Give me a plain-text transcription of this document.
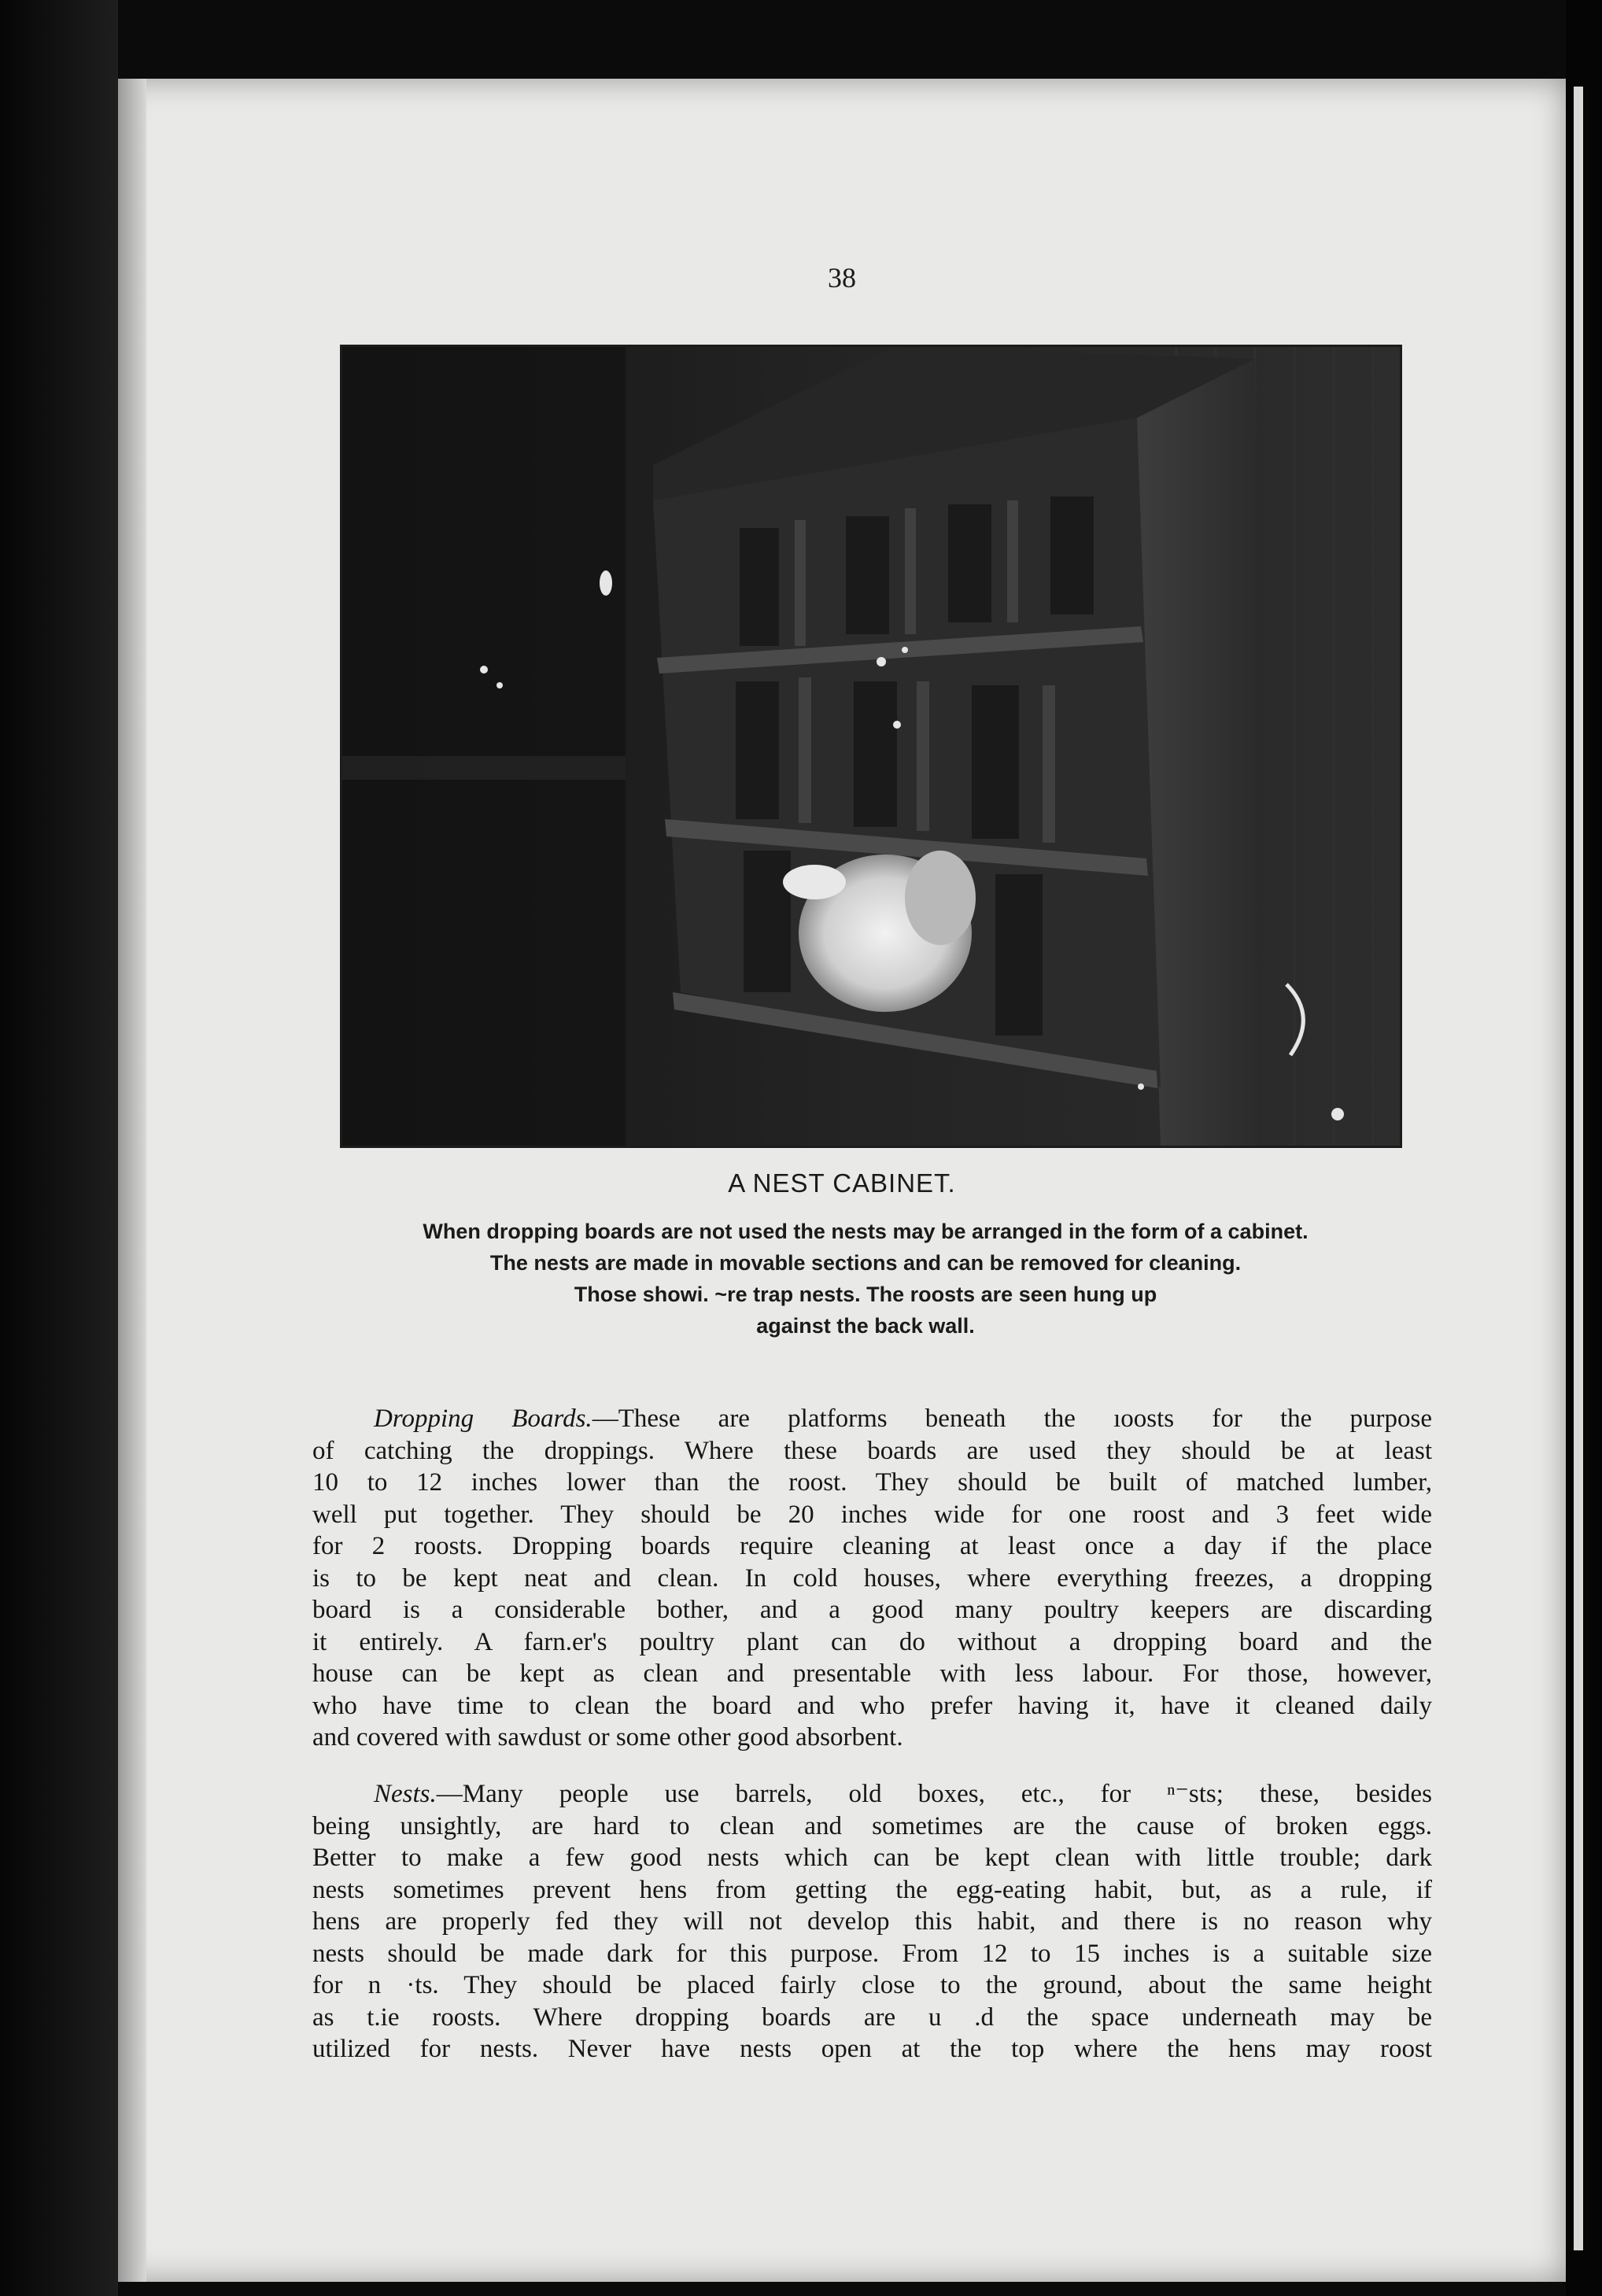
38
A NEST CABINET.
When dropping boards are not used the nests may be arranged in the form of a cabinet.
The nests are made in movable sections and can be removed for cleaning.
Those showi. ~re trap nests. The roosts are seen hung up
against the back wall.
Dropping Boards.—These are platforms beneath the ıoosts for the purpose
of catching the droppings. Where these boards are used they should be at least
10 to 12 inches lower than the roost. They should be built of matched lumber,
well put together. They should be 20 inches wide for one roost and 3 feet wide
for 2 roosts. Dropping boards require cleaning at least once a day if the place
is to be kept neat and clean. In cold houses, where everything freezes, a dropping
board is a considerable bother, and a good many poultry keepers are discarding
it entirely. A farn.er's poultry plant can do without a dropping board and the
house can be kept as clean and presentable with less labour. For those, however,
who have time to clean the board and who prefer having it, have it cleaned daily
and covered with sawdust or some other good absorbent.
Nests.—Many people use barrels, old boxes, etc., for ⁿ⁻sts; these, besides
being unsightly, are hard to clean and sometimes are the cause of broken eggs.
Better to make a few good nests which can be kept clean with little trouble; dark
nests sometimes prevent hens from getting the egg-eating habit, but, as a rule, if
hens are properly fed they will not develop this habit, and there is no reason why
nests should be made dark for this purpose. From 12 to 15 inches is a suitable size
for n ·ts. They should be placed fairly close to the ground, about the same height
as t.ie roosts. Where dropping boards are u .d the space underneath may be
utilized for nests. Never have nests open at the top where the hens may roost
